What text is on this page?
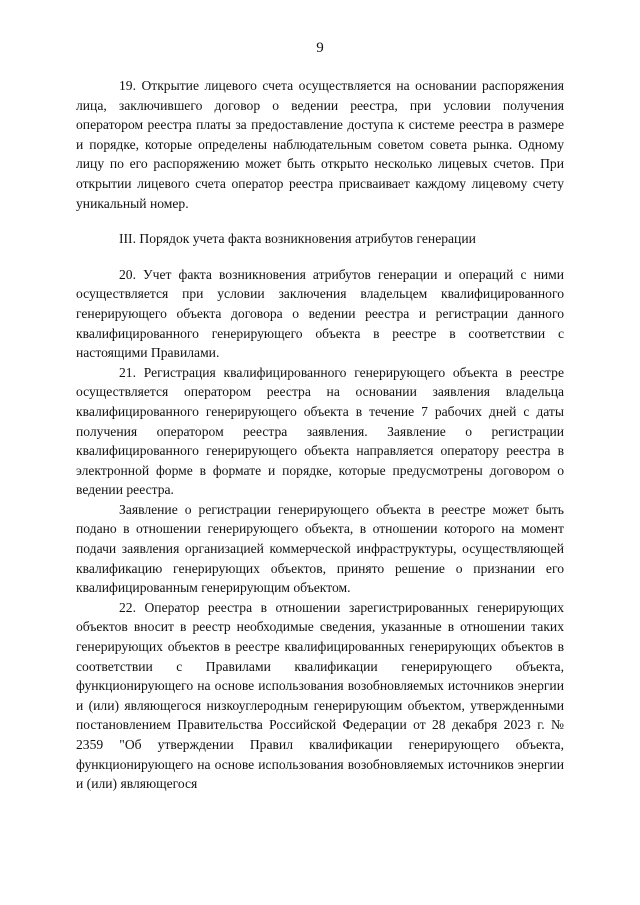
9

19. Открытие лицевого счета осуществляется на основании распоряжения лица, заключившего договор о ведении реестра, при условии получения оператором реестра платы за предоставление доступа к системе реестра в размере и порядке, которые определены наблюдательным советом совета рынка. Одному лицу по его распоряжению может быть открыто несколько лицевых счетов. При открытии лицевого счета оператор реестра присваивает каждому лицевому счету уникальный номер.

III. Порядок учета факта возникновения атрибутов генерации

20. Учет факта возникновения атрибутов генерации и операций с ними осуществляется при условии заключения владельцем квалифицированного генерирующего объекта договора о ведении реестра и регистрации данного квалифицированного генерирующего объекта в реестре в соответствии с настоящими Правилами.

21. Регистрация квалифицированного генерирующего объекта в реестре осуществляется оператором реестра на основании заявления владельца квалифицированного генерирующего объекта в течение 7 рабочих дней с даты получения оператором реестра заявления. Заявление о регистрации квалифицированного генерирующего объекта направляется оператору реестра в электронной форме в формате и порядке, которые предусмотрены договором о ведении реестра.

Заявление о регистрации генерирующего объекта в реестре может быть подано в отношении генерирующего объекта, в отношении которого на момент подачи заявления организацией коммерческой инфраструктуры, осуществляющей квалификацию генерирующих объектов, принято решение о признании его квалифицированным генерирующим объектом.

22. Оператор реестра в отношении зарегистрированных генерирующих объектов вносит в реестр необходимые сведения, указанные в отношении таких генерирующих объектов в реестре квалифицированных генерирующих объектов в соответствии с Правилами квалификации генерирующего объекта, функционирующего на основе использования возобновляемых источников энергии и (или) являющегося низкоуглеродным генерирующим объектом, утвержденными постановлением Правительства Российской Федерации от 28 декабря 2023 г. № 2359 "Об утверждении Правил квалификации генерирующего объекта, функционирующего на основе использования возобновляемых источников энергии и (или) являющегося
